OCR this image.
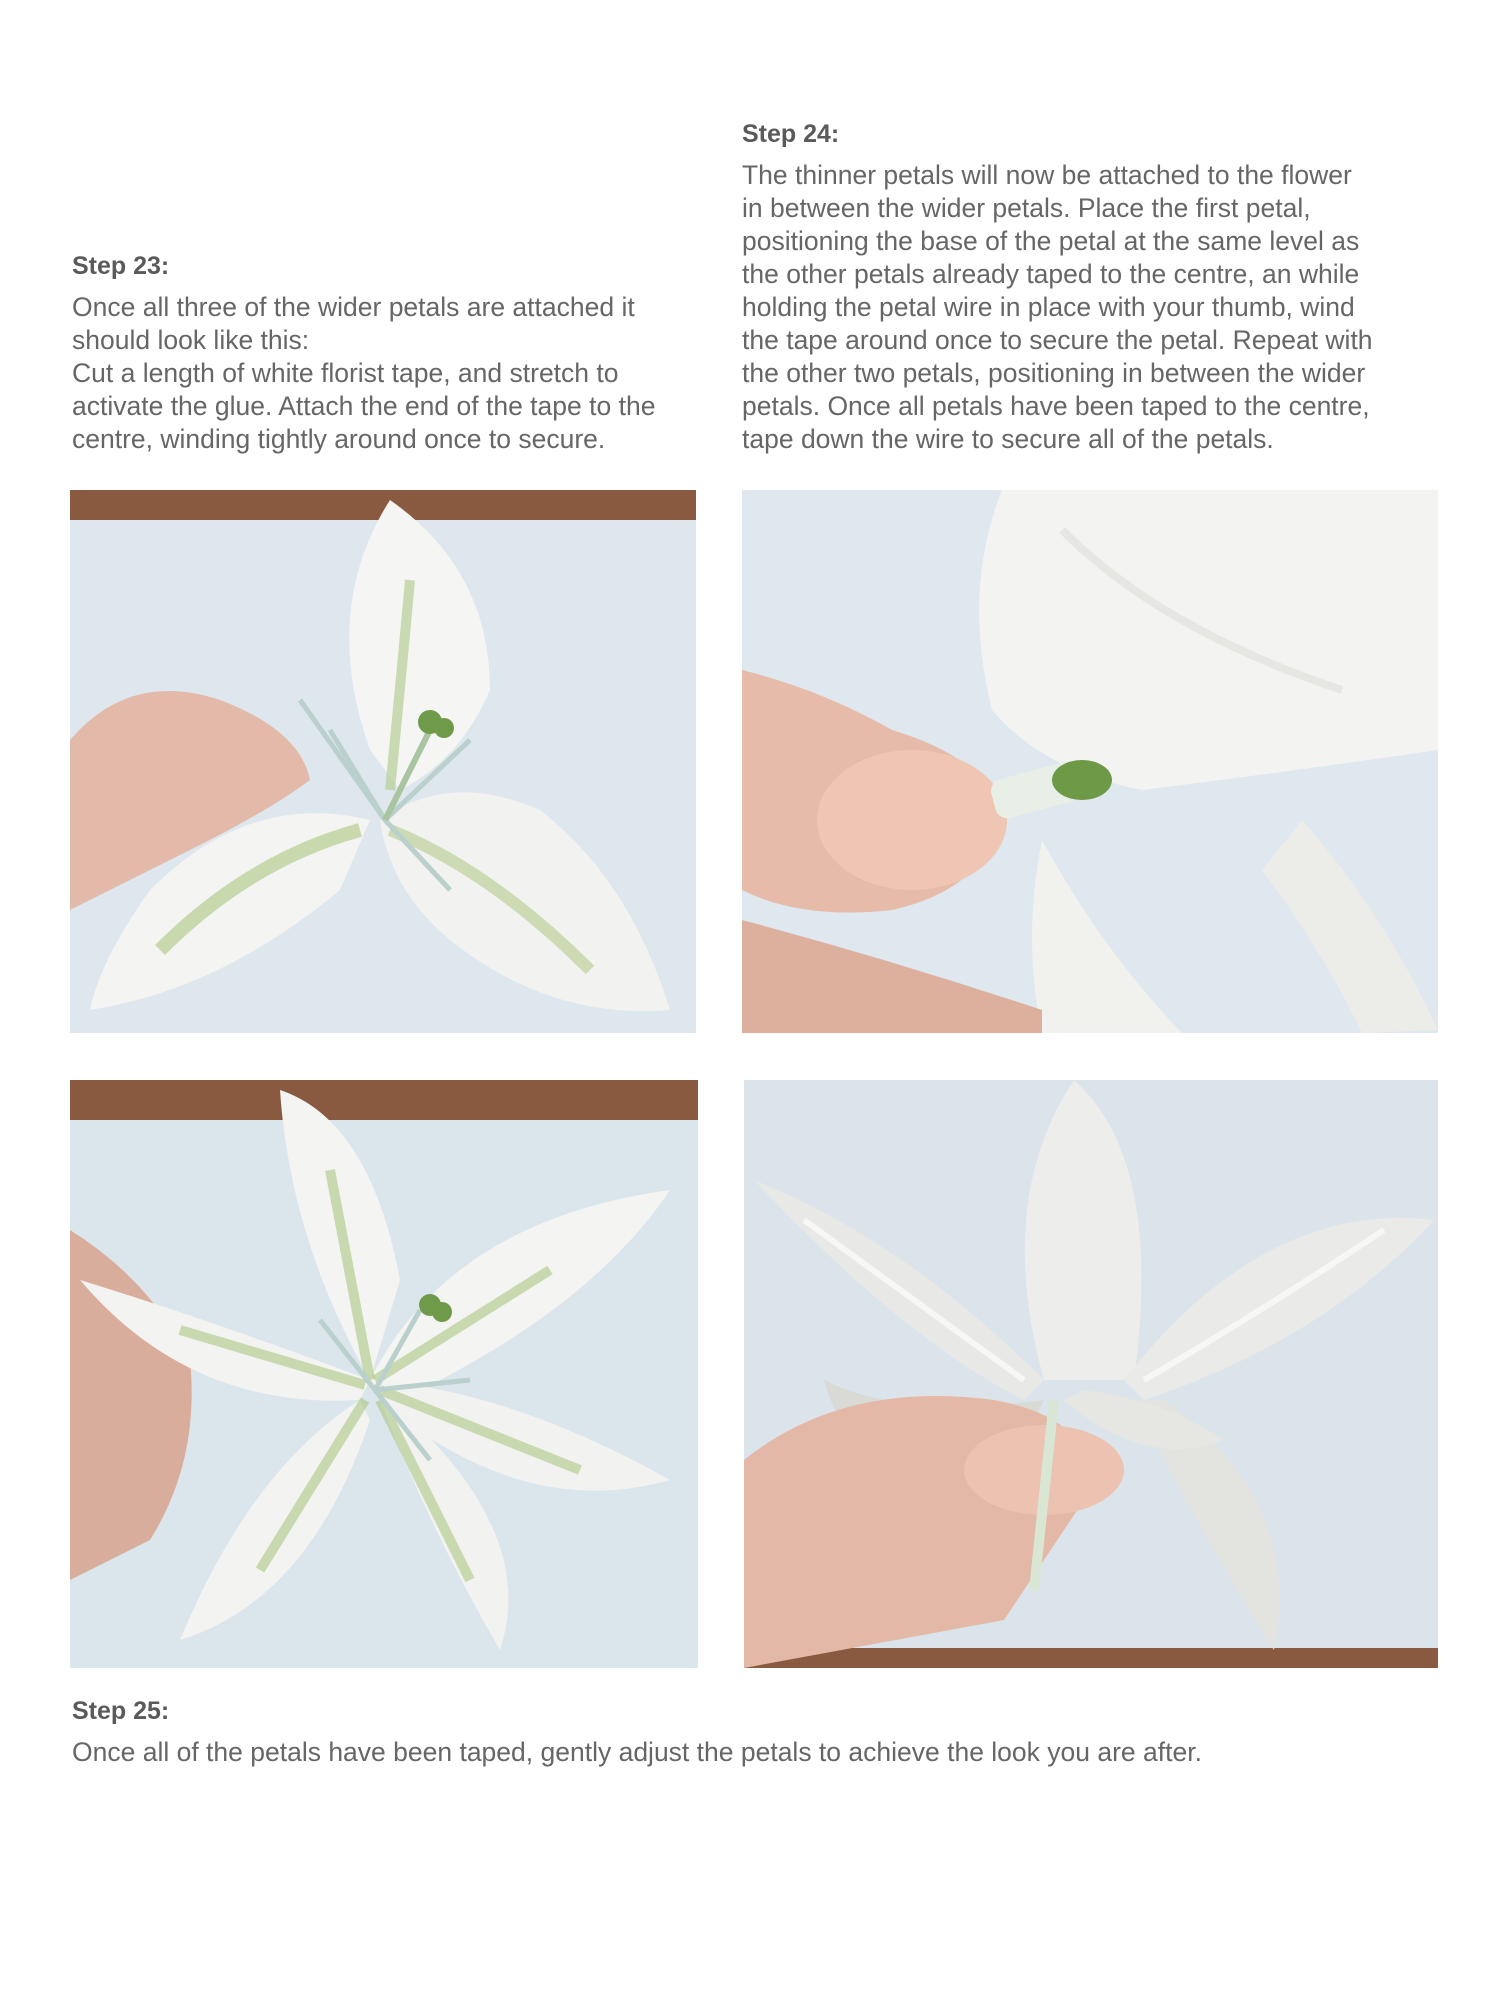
Step 23:

Once all three of the wider petals are attached it

should look like this:

Cut a length of white florist tape, and stretch to

activate the glue. Attach the end of the tape to the

centre, winding tightly around once to secure.

Step 24:

The thinner petals will now be attached to the flower

in between the wider petals. Place the first petal,

positioning the base of the petal at the same level as

the other petals already taped to the centre, an while

holding the petal wire in place with your thumb, wind

the tape around once to secure the petal. Repeat with

the other two petals, positioning in between the wider

petals. Once all petals have been taped to the centre,

tape down the wire to secure all of the petals.

Step 25:

Once all of the petals have been taped, gently adjust the petals to achieve the look you are after.
